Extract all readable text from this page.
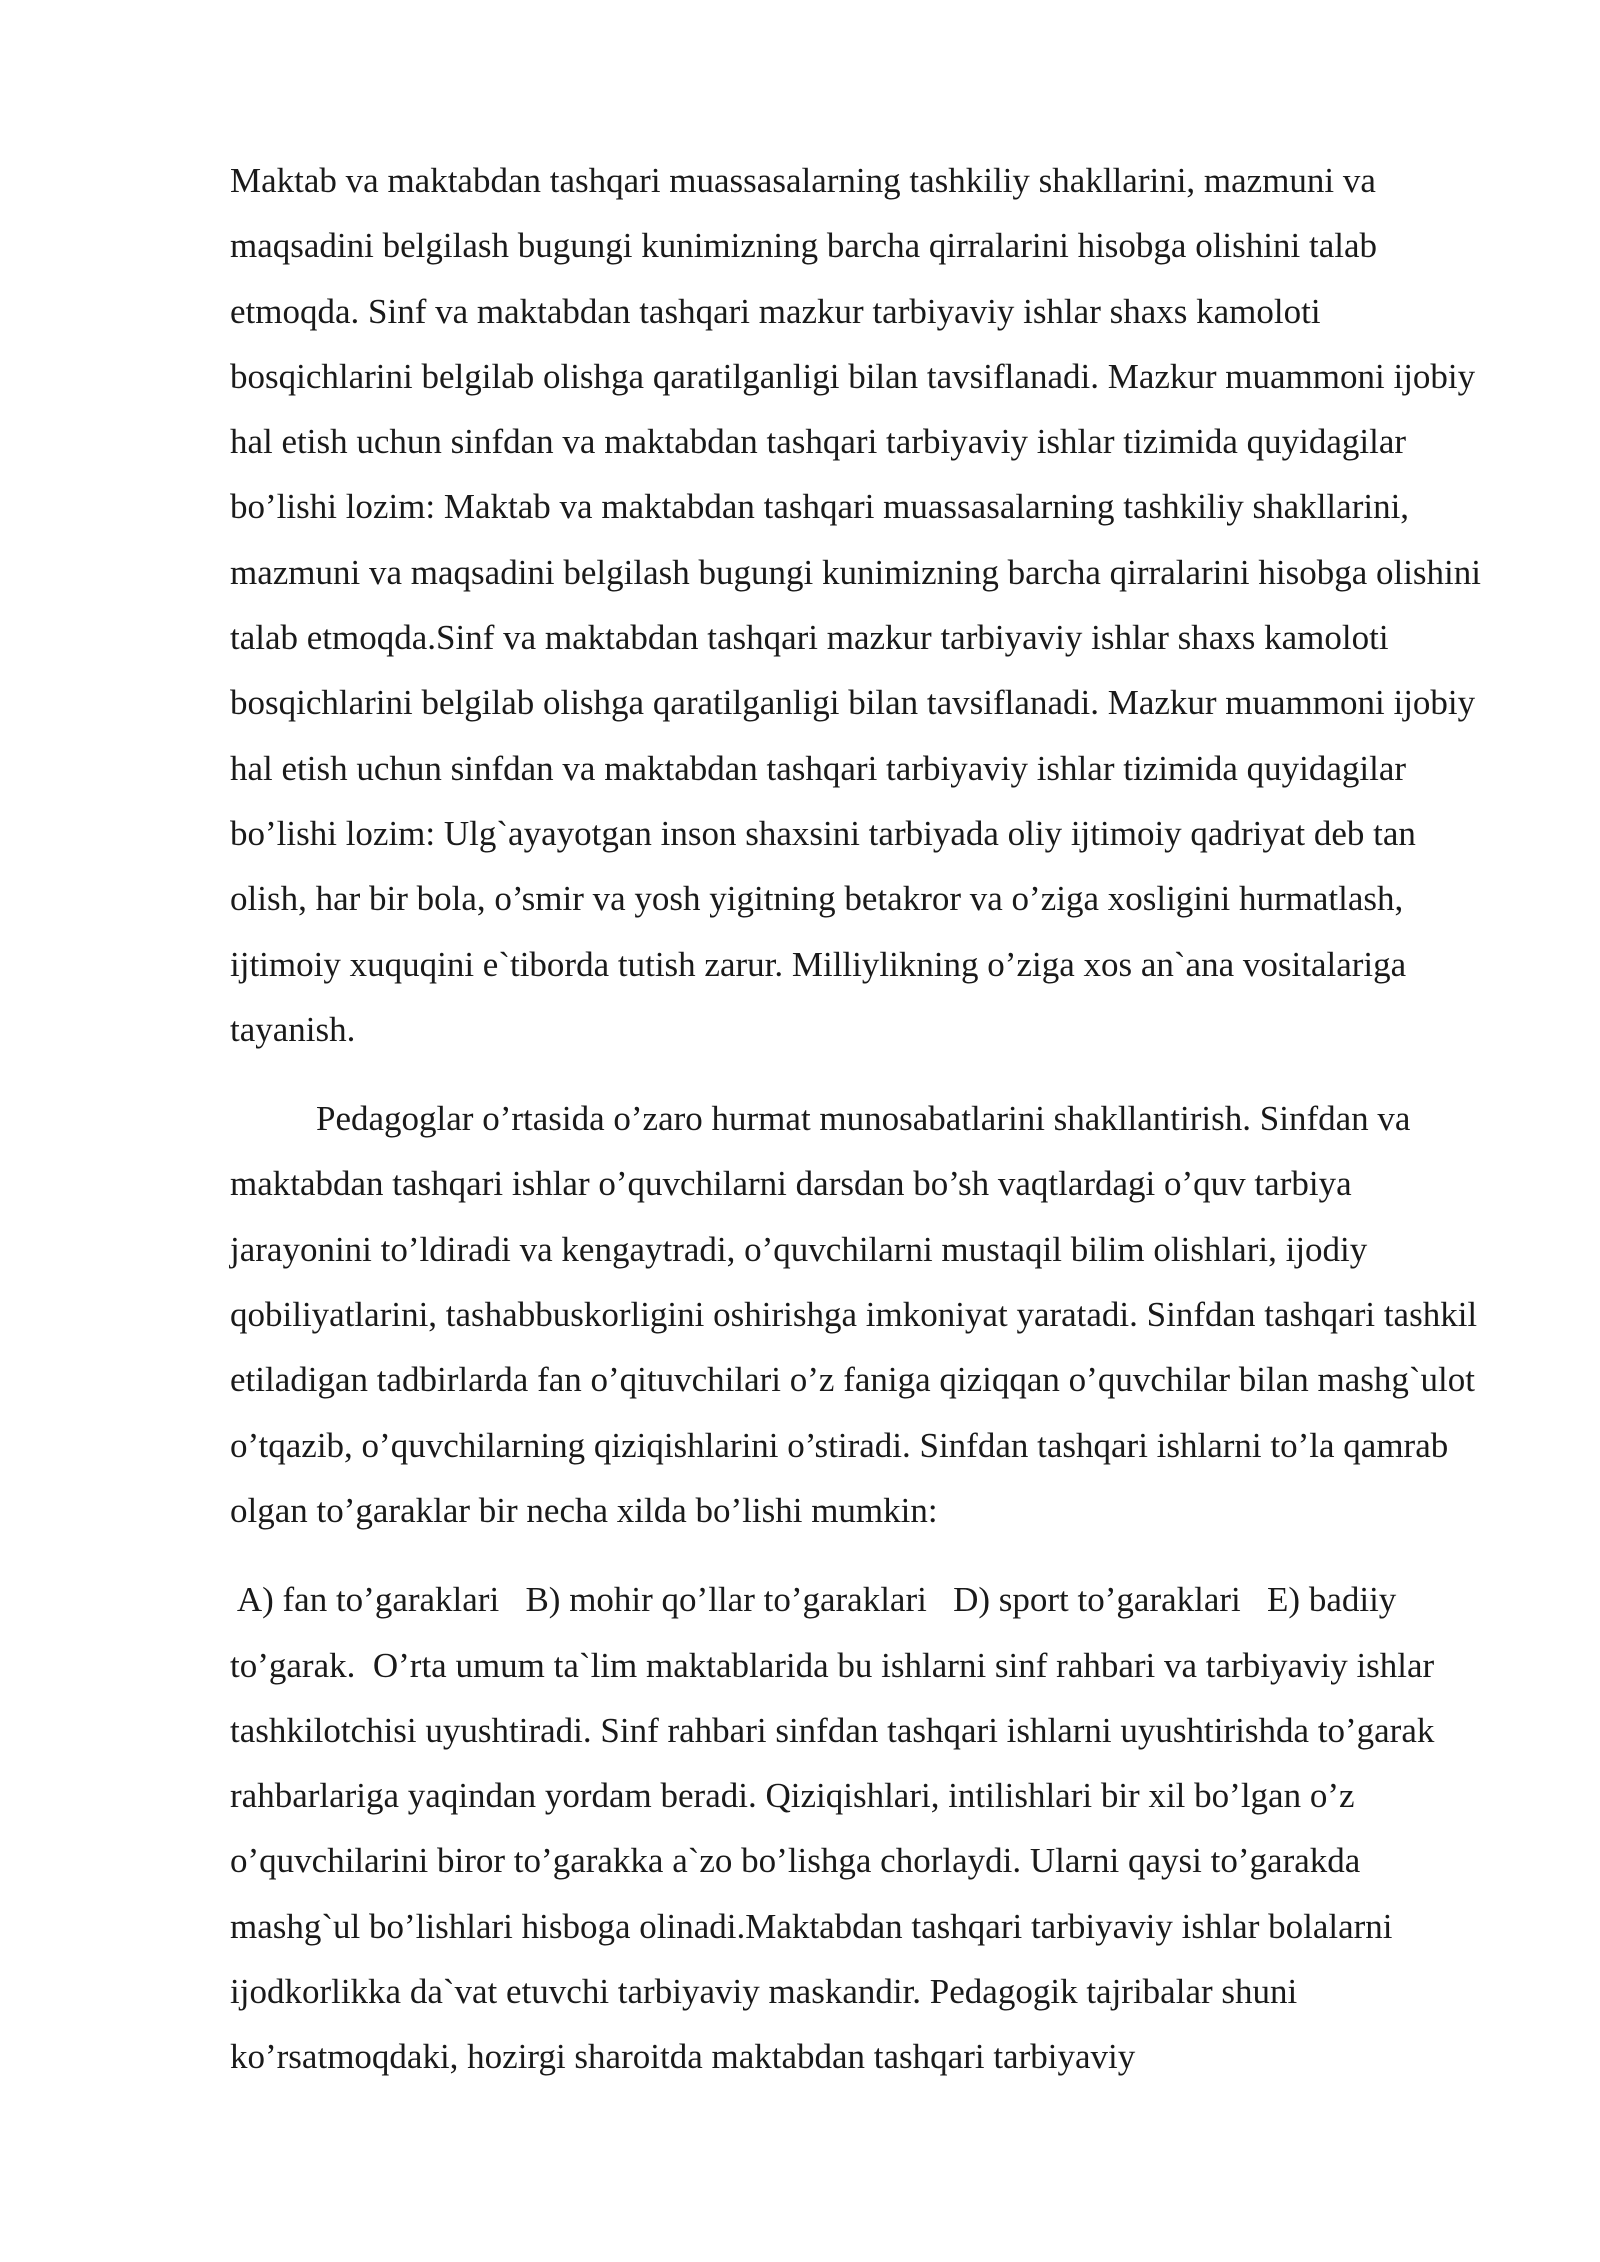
Maktab va maktabdan tashqari muassasalarning tashkiliy shakllarini, mazmuni va maqsadini belgilash bugungi kunimizning barcha qirralarini hisobga olishini talab etmoqda. Sinf va maktabdan tashqari mazkur tarbiyaviy ishlar shaxs kamoloti bosqichlarini belgilab olishga qaratilganligi bilan tavsiflanadi. Mazkur muammoni ijobiy hal etish uchun sinfdan va maktabdan tashqari tarbiyaviy ishlar tizimida quyidagilar bo’lishi lozim: Maktab va maktabdan tashqari muassasalarning tashkiliy shakllarini, mazmuni va maqsadini belgilash bugungi kunimizning barcha qirralarini hisobga olishini talab etmoqda.Sinf va maktabdan tashqari mazkur tarbiyaviy ishlar shaxs kamoloti bosqichlarini belgilab olishga qaratilganligi bilan tavsiflanadi. Mazkur muammoni ijobiy hal etish uchun sinfdan va maktabdan tashqari tarbiyaviy ishlar tizimida quyidagilar bo’lishi lozim: Ulg`ayayotgan inson shaxsini tarbiyada oliy ijtimoiy qadriyat deb tan olish, har bir bola, o’smir va yosh yigitning betakror va o’ziga xosligini hurmatlash, ijtimoiy xuquqini e`tiborda tutish zarur. Milliylikning o’ziga xos an`ana vositalariga tayanish.

Pedagoglar o’rtasida o’zaro hurmat munosabatlarini shakllantirish. Sinfdan va maktabdan tashqari ishlar o’quvchilarni darsdan bo’sh vaqtlardagi o’quv tarbiya jarayonini to’ldiradi va kengaytradi, o’quvchilarni mustaqil bilim olishlari, ijodiy qobiliyatlarini, tashabbuskorligini oshirishga imkoniyat yaratadi. Sinfdan tashqari tashkil etiladigan tadbirlarda fan o’qituvchilari o’z faniga qiziqqan o’quvchilar bilan mashg`ulot o’tqazib, o’quvchilarning qiziqishlarini o’stiradi. Sinfdan tashqari ishlarni to’la qamrab olgan to’garaklar bir necha xilda bo’lishi mumkin:

A) fan to’garaklari B) mohir qo’llar to’garaklari D) sport to’garaklari E) badiiy to’garak. O’rta umum ta`lim maktablarida bu ishlarni sinf rahbari va tarbiyaviy ishlar tashkilotchisi uyushtiradi. Sinf rahbari sinfdan tashqari ishlarni uyushtirishda to’garak rahbarlariga yaqindan yordam beradi. Qiziqishlari, intilishlari bir xil bo’lgan o’z o’quvchilarini biror to’garakka a`zo bo’lishga chorlaydi. Ularni qaysi to’garakda mashg`ul bo’lishlari hisboga olinadi.Maktabdan tashqari tarbiyaviy ishlar bolalarni ijodkorlikka da`vat etuvchi tarbiyaviy maskandir. Pedagogik tajribalar shuni ko’rsatmoqdaki, hozirgi sharoitda maktabdan tashqari tarbiyaviy
